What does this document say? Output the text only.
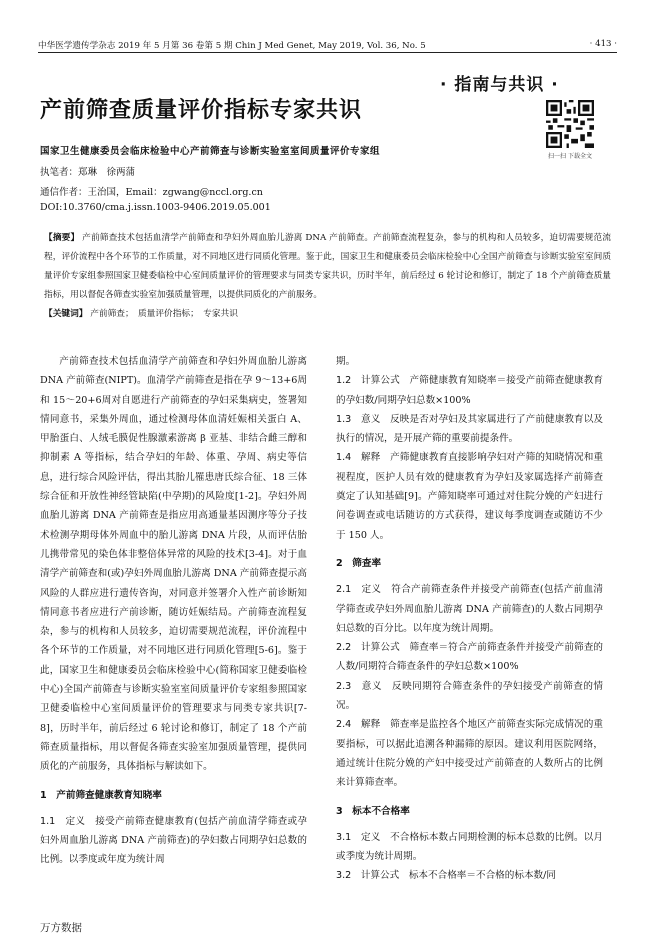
中华医学遗传学杂志 2019 年 5 月第 36 卷第 5 期 Chin J Med Genet, May 2019, Vol. 36, No. 5	· 413 ·
· 指南与共识 ·
产前筛查质量评价指标专家共识
扫一扫 下载全文
国家卫生健康委员会临床检验中心产前筛查与诊断实验室室间质量评价专家组
执笔者：郑琳　徐两蒲
通信作者：王治国，Email：zgwang@nccl.org.cn
DOI:10.3760/cma.j.issn.1003-9406.2019.05.001
【摘要】 产前筛查技术包括血清学产前筛查和孕妇外周血胎儿游离 DNA 产前筛查。产前筛查流程复杂，参与的机构和人员较多，迫切需要规范流程，评价流程中各个环节的工作质量，对不同地区进行同质化管理。鉴于此，国家卫生和健康委员会临床检验中心全国产前筛查与诊断实验室室间质量评价专家组参照国家卫健委临检中心室间质量评价的管理要求与同类专家共识，历时半年，前后经过 6 轮讨论和修订，制定了 18 个产前筛查质量指标，用以督促各筛查实验室加强质量管理，以提供同质化的产前服务。
【关键词】 产前筛查；　质量评价指标；　专家共识

产前筛查技术包括血清学产前筛查和孕妇外周血胎儿游离 DNA 产前筛查(NIPT)。血清学产前筛查是指在孕 9～13+6周和 15～20+6周对自愿进行产前筛查的孕妇采集病史，签署知情同意书，采集外周血，通过检测母体血清妊娠相关蛋白 A、甲胎蛋白、人绒毛膜促性腺激素游离 β 亚基、非结合雌三醇和抑制素 A 等指标，结合孕妇的年龄、体重、孕周、病史等信息，进行综合风险评估，得出其胎儿罹患唐氏综合征、18 三体综合征和开放性神经管缺陷(中孕期)的风险度[1-2]。孕妇外周血胎儿游离 DNA 产前筛查是指应用高通量基因测序等分子技术检测孕期母体外周血中的胎儿游离 DNA 片段，从而评估胎儿携带常见的染色体非整倍体异常的风险的技术[3-4]。对于血清学产前筛查和(或)孕妇外周血胎儿游离 DNA 产前筛查提示高风险的人群应进行遗传咨询，对同意并签署介入性产前诊断知情同意书者应进行产前诊断，随访妊娠结局。产前筛查流程复杂，参与的机构和人员较多，迫切需要规范流程，评价流程中各个环节的工作质量，对不同地区进行同质化管理[5-6]。鉴于此，国家卫生和健康委员会临床检验中心(简称国家卫健委临检中心)全国产前筛查与诊断实验室室间质量评价专家组参照国家卫健委临检中心室间质量评价的管理要求与同类专家共识[7-8]，历时半年，前后经过 6 轮讨论和修订，制定了 18 个产前筛查质量指标，用以督促各筛查实验室加强质量管理，提供同质化的产前服务，具体指标与解读如下。

1　产前筛查健康教育知晓率

1.1　定义　 接受产前筛查健康教育(包括产前血清学筛查或孕妇外周血胎儿游离 DNA 产前筛查)的孕妇数占同期孕妇总数的比例。以季度或年度为统计周

期。

1.2　计算公式　 产筛健康教育知晓率＝接受产前筛查健康教育的孕妇数/同期孕妇总数×100%

1.3　意义　 反映是否对孕妇及其家属进行了产前健康教育以及执行的情况，是开展产筛的重要前提条件。

1.4　解释　 产筛健康教育直接影响孕妇对产筛的知晓情况和重视程度，医护人员有效的健康教育为孕妇及家属选择产前筛查奠定了认知基础[9]。产筛知晓率可通过对住院分娩的产妇进行问卷调查或电话随访的方式获得，建议每季度调查或随访不少于 150 人。

2　筛查率

2.1　定义　 符合产前筛查条件并接受产前筛查(包括产前血清学筛查或孕妇外周血胎儿游离 DNA 产前筛查)的人数占同期孕妇总数的百分比。以年度为统计周期。

2.2　计算公式　 筛查率＝符合产前筛查条件并接受产前筛查的人数/同期符合筛查条件的孕妇总数×100%

2.3　意义　 反映同期符合筛查条件的孕妇接受产前筛查的情况。

2.4　解释　 筛查率是监控各个地区产前筛查实际完成情况的重要指标，可以据此追溯各种漏筛的原因。建议利用医院网络，通过统计住院分娩的产妇中接受过产前筛查的人数所占的比例来计算筛查率。

3　标本不合格率

3.1　定义　 不合格标本数占同期检测的标本总数的比例。以月或季度为统计周期。

3.2　计算公式　 标本不合格率＝不合格的标本数/同

万方数据
